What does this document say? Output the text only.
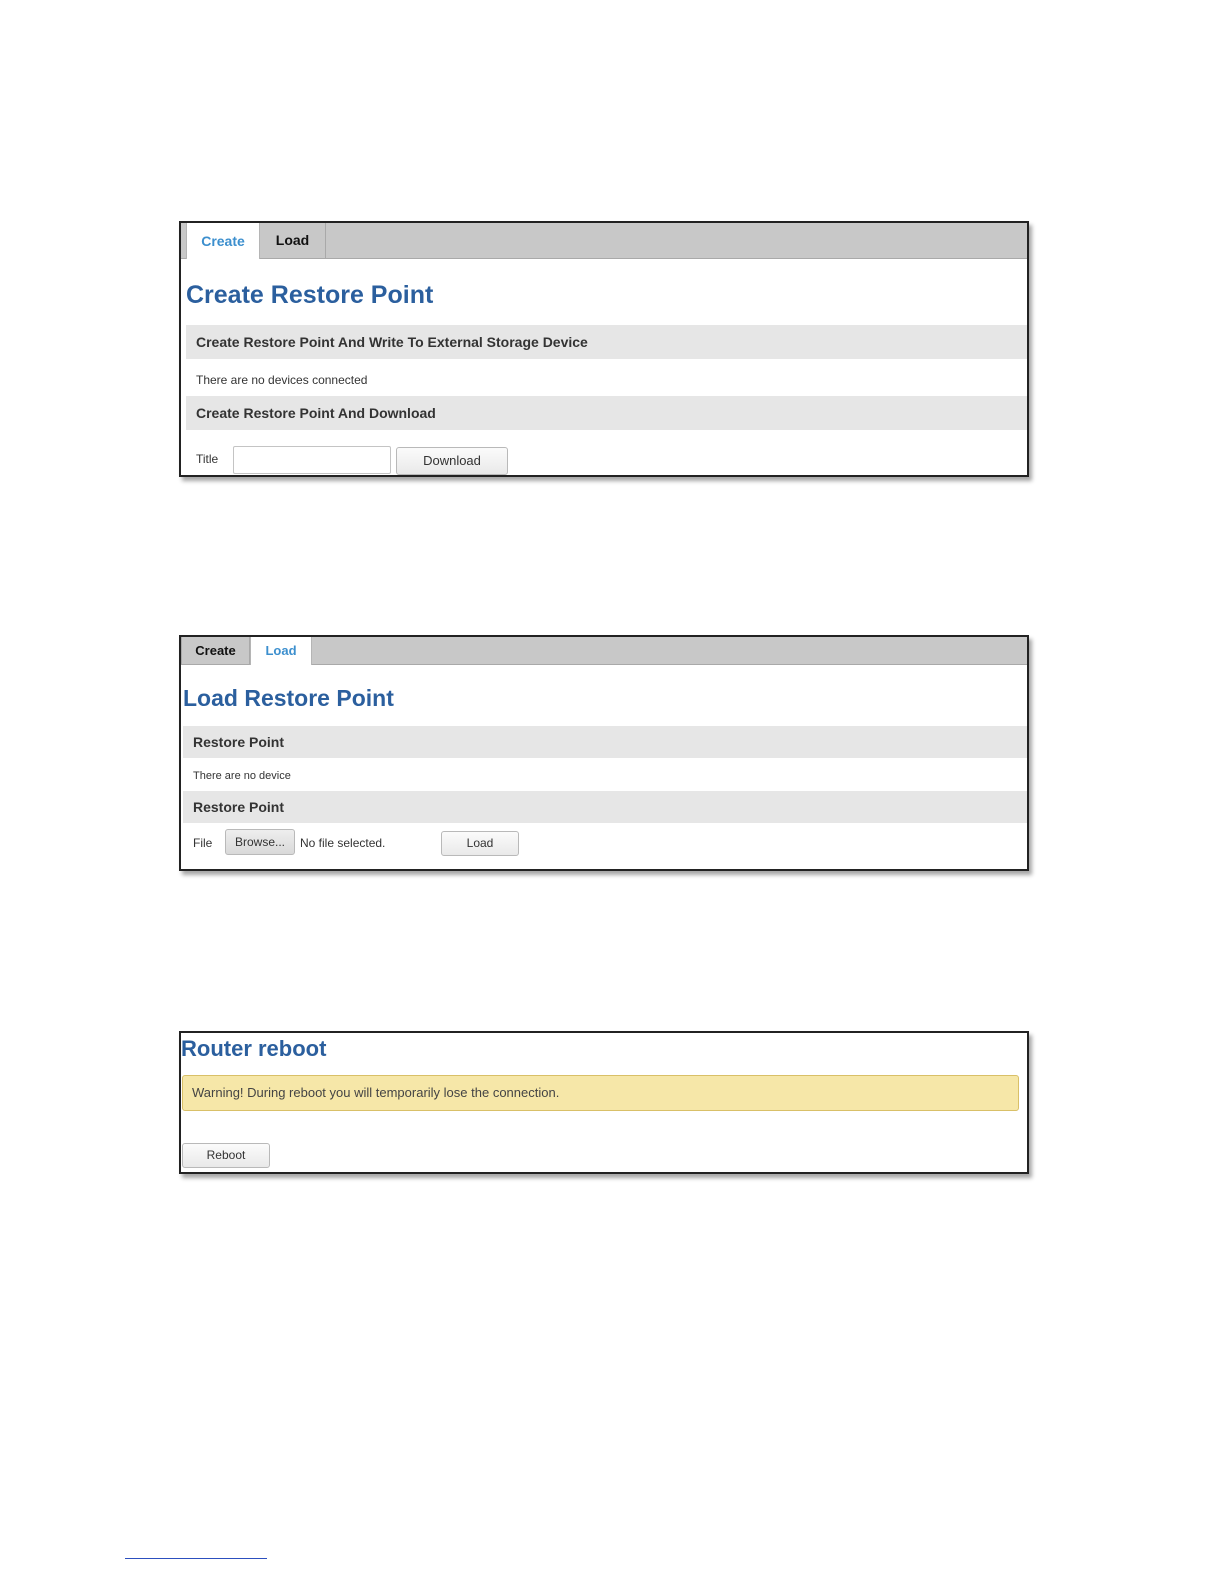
Create	Load
Create Restore Point
Create Restore Point And Write To External Storage Device
There are no devices connected
Create Restore Point And Download
Title	Download
Create	Load
Load Restore Point
Restore Point
There are no device
Restore Point
File	Browse...	No file selected.	Load
Router reboot
Warning! During reboot you will temporarily lose the connection.
Reboot
